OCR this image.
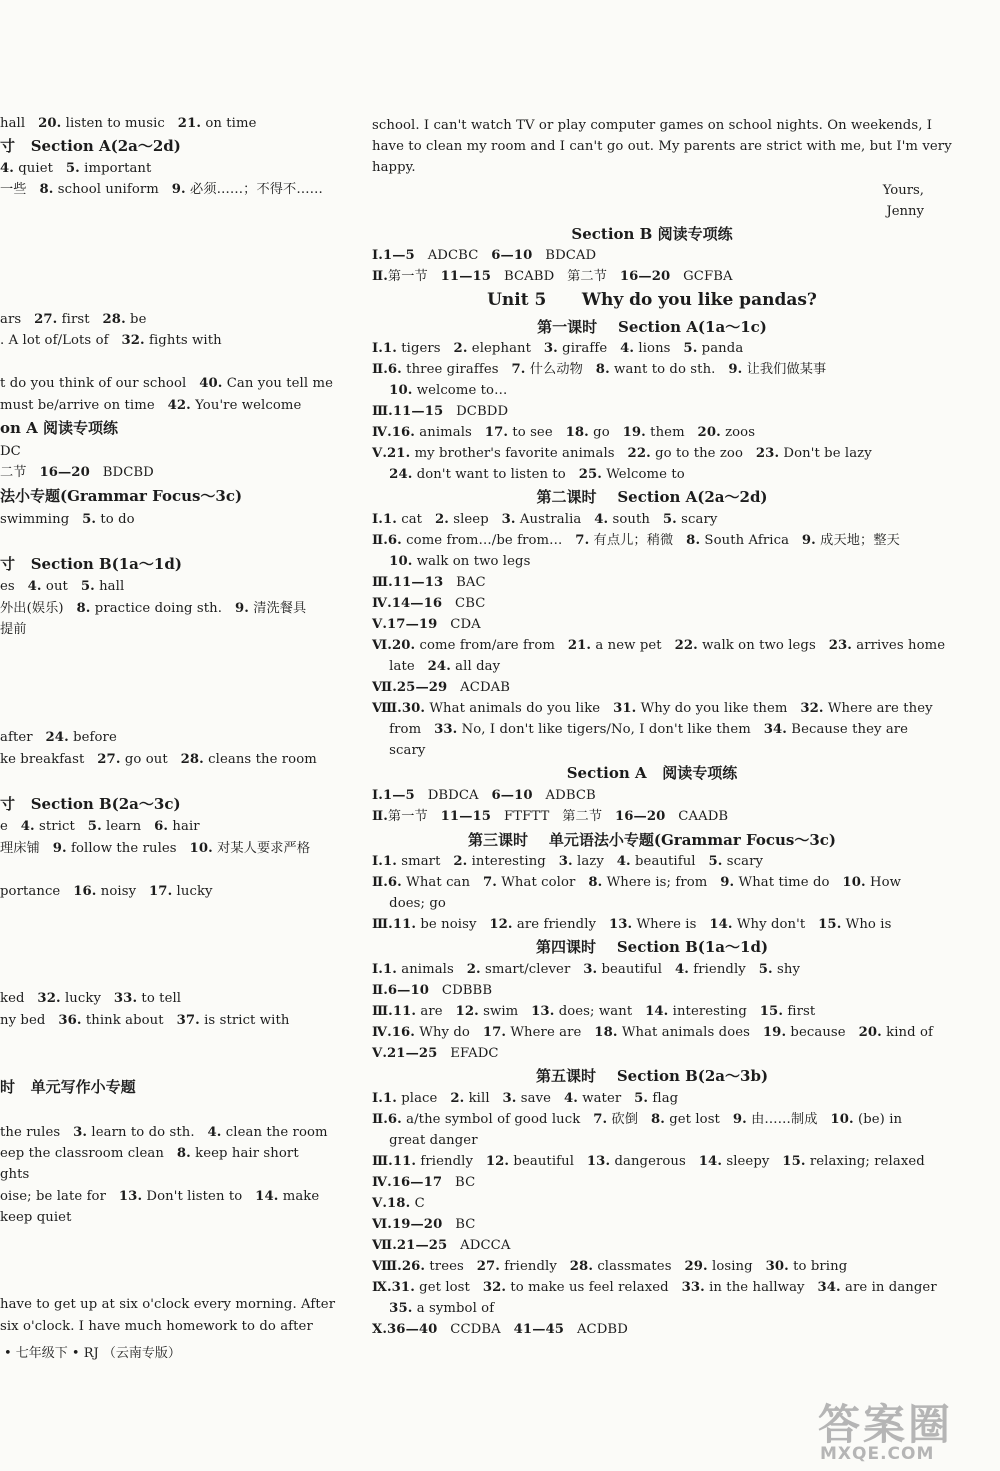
hall   20. listen to music   21. on time
寸 Section A(2a～2d)
4. quiet   5. important
一些   8. school uniform   9. 必须……；不得不……
ars   27. first   28. be
. A lot of/Lots of   32. fights with
t do you think of our school   40. Can you tell me
must be/arrive on time   42. You're welcome
on A 阅读专项练
DC
二节   16—20   BDCBD
法小专题(Grammar Focus～3c)
swimming   5. to do
寸 Section B(1a～1d)
es   4. out   5. hall
外出(娱乐)   8. practice doing sth.   9. 清洗餐具
提前
after   24. before
ke breakfast   27. go out   28. cleans the room
寸 Section B(2a～3c)
e   4. strict   5. learn   6. hair
理床铺   9. follow the rules   10. 对某人要求严格
portance   16. noisy   17. lucky
ked   32. lucky   33. to tell
ny bed   36. think about   37. is strict with
时   单元写作小专题
the rules   3. learn to do sth.   4. clean the room
eep the classroom clean   8. keep hair short
ghts
oise; be late for   13. Don't listen to   14. make
keep quiet
have to get up at six o'clock every morning. After
six o'clock. I have much homework to do after
school. I can't watch TV or play computer games on school nights. On weekends, I
have to clean my room and I can't go out. My parents are strict with me, but I'm very
happy.
Yours,
Jenny
Section B 阅读专项练
Ⅰ.1—5   ADCBC   6—10   BDCAD
Ⅱ.第一节   11—15   BCABD   第二节   16—20   GCFBA
Unit 5      Why do you like pandas?
第一课时    Section A(1a～1c)
Ⅰ.1. tigers   2. elephant   3. giraffe   4. lions   5. panda
Ⅱ.6. three giraffes   7. 什么动物   8. want to do sth.   9. 让我们做某事
10. welcome to…
Ⅲ.11—15   DCBDD
Ⅳ.16. animals   17. to see   18. go   19. them   20. zoos
Ⅴ.21. my brother's favorite animals   22. go to the zoo   23. Don't be lazy
24. don't want to listen to   25. Welcome to
第二课时    Section A(2a～2d)
Ⅰ.1. cat   2. sleep   3. Australia   4. south   5. scary
Ⅱ.6. come from…/be from…   7. 有点儿；稍微   8. South Africa   9. 成天地；整天
10. walk on two legs
Ⅲ.11—13   BAC
Ⅳ.14—16   CBC
Ⅴ.17—19   CDA
Ⅵ.20. come from/are from   21. a new pet   22. walk on two legs   23. arrives home
late   24. all day
Ⅶ.25—29   ACDAB
Ⅷ.30. What animals do you like   31. Why do you like them   32. Where are they
from   33. No, I don't like tigers/No, I don't like them   34. Because they are
scary
Section A   阅读专项练
Ⅰ.1—5   DBDCA   6—10   ADBCB
Ⅱ.第一节   11—15   FTFTT   第二节   16—20   CAADB
第三课时    单元语法小专题(Grammar Focus～3c)
Ⅰ.1. smart   2. interesting   3. lazy   4. beautiful   5. scary
Ⅱ.6. What can   7. What color   8. Where is; from   9. What time do   10. How
does; go
Ⅲ.11. be noisy   12. are friendly   13. Where is   14. Why don't   15. Who is
第四课时    Section B(1a～1d)
Ⅰ.1. animals   2. smart/clever   3. beautiful   4. friendly   5. shy
Ⅱ.6—10   CDBBB
Ⅲ.11. are   12. swim   13. does; want   14. interesting   15. first
Ⅳ.16. Why do   17. Where are   18. What animals does   19. because   20. kind of
Ⅴ.21—25   EFADC
第五课时    Section B(2a～3b)
Ⅰ.1. place   2. kill   3. save   4. water   5. flag
Ⅱ.6. a/the symbol of good luck   7. 砍倒   8. get lost   9. 由……制成   10. (be) in
great danger
Ⅲ.11. friendly   12. beautiful   13. dangerous   14. sleepy   15. relaxing; relaxed
Ⅳ.16—17   BC
Ⅴ.18. C
Ⅵ.19—20   BC
Ⅶ.21—25   ADCCA
Ⅷ.26. trees   27. friendly   28. classmates   29. losing   30. to bring
Ⅸ.31. get lost   32. to make us feel relaxed   33. in the hallway   34. are in danger
35. a symbol of
Ⅹ.36—40   CCDBA   41—45   ACDBD
• 七年级下 • RJ （云南专版）
答案圈
MXQE.COM
